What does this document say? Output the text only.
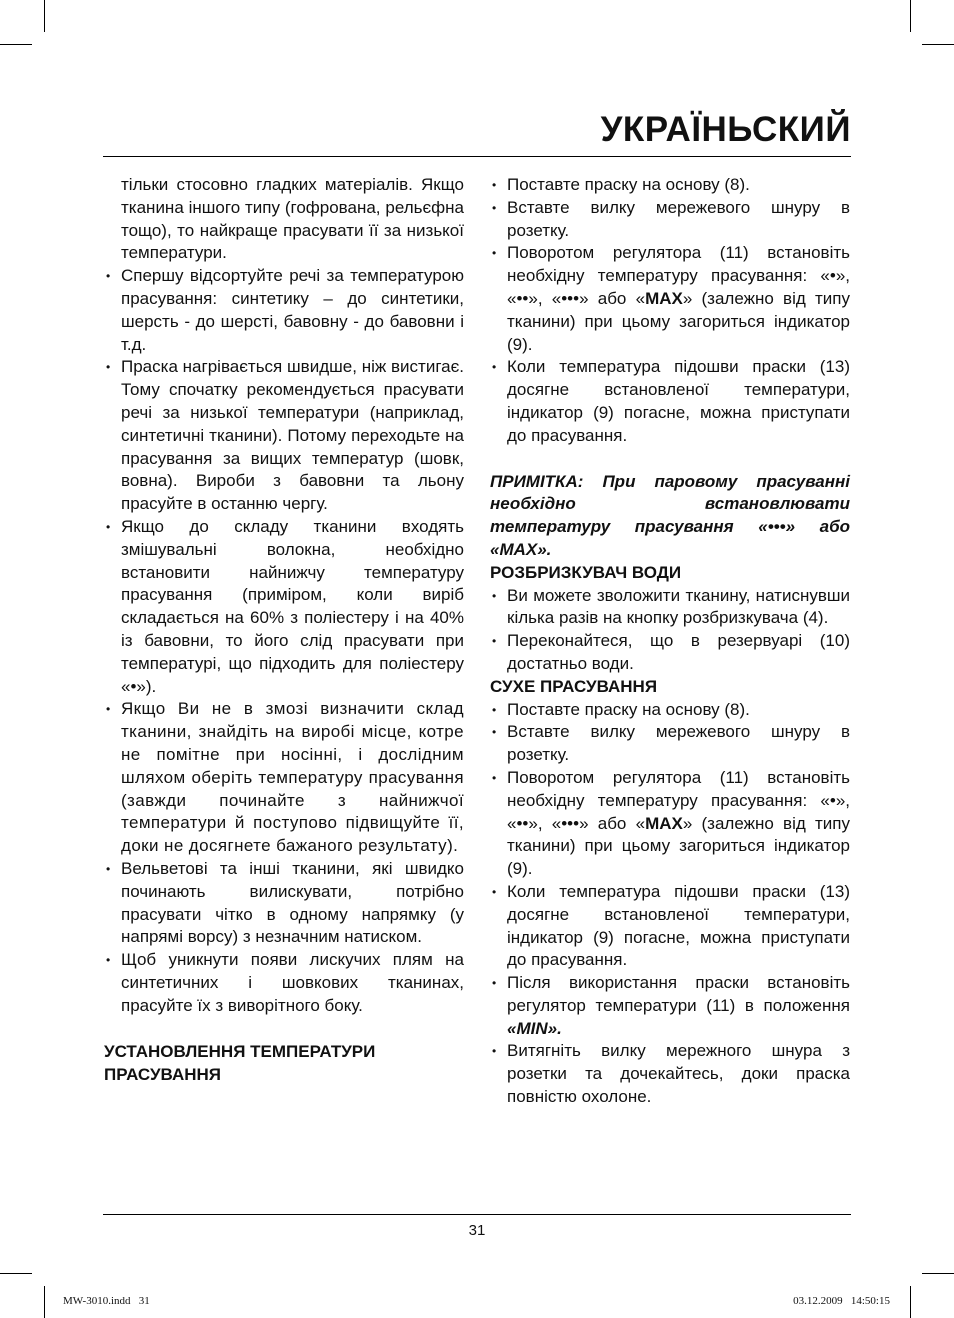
УКРАЇНЬСКИЙ

тільки стосовно гладких матеріалів. Якщо тканина іншого типу (гофрована, рельєфна тощо), то найкраще прасувати її за низької температури.

• Спершу відсортуйте речі за температурою прасування: синтетику – до синтетики, шерсть - до шерсті, бавовну - до бавовни і т.д.
• Праска нагрівається швидше, ніж вистигає. Тому спочатку рекомендується прасувати речі за низької температури (наприклад, синтетичні тканини). Потому переходьте на прасування за вищих температур (шовк, вовна). Вироби з бавовни та льону прасуйте в останню чергу.
• Якщо до складу тканини входять змішувальні волокна, необхідно встановити найнижчу температуру прасування (приміром, коли виріб складається на 60% з поліестеру і на 40% із бавовни, то його слід прасувати при температурі, що підходить для поліестеру «•»).
• Якщо Ви не в змозі визначити склад тканини, знайдіть на виробі місце, котре не помітне при носінні, і дослідним шляхом оберіть температуру прасування (завжди починайте з найнижчої температури й поступово підвищуйте її, доки не досягнете бажаного результату).
• Вельветові та інші тканини, які швидко починають вилискувати, потрібно прасувати чітко в одному напрямку (у напрямі ворсу) з незначним натиском.
• Щоб уникнути появи лискучих плям на синтетичних і шовкових тканинах, прасуйте їх з виворітного боку.

УСТАНОВЛЕННЯ ТЕМПЕРАТУРИ ПРАСУВАННЯ

• Поставте праску на основу (8).
• Вставте вилку мережевого шнуру в розетку.
• Поворотом регулятора (11) встановіть необхідну температуру прасування: «•», «••», «•••» або «MAX» (залежно від типу тканини) при цьому загориться індикатор (9).
• Коли температура підошви праски (13) досягне встановленої температури, індикатор (9) погасне, можна приступати до прасування.

ПРИМІТКА: При паровому прасуванні необхідно встановлювати температуру прасування «•••» або «MAX».

РОЗБРИЗКУВАЧ ВОДИ

• Ви можете зволожити тканину, натиснувши кілька разів на кнопку розбризкувача (4).
• Переконайтеся, що в резервуарі (10) достатньо води.

СУХЕ ПРАСУВАННЯ

• Поставте праску на основу (8).
• Вставте вилку мережевого шнуру в розетку.
• Поворотом регулятора (11) встановіть необхідну температуру прасування: «•», «••», «•••» або «MAX» (залежно від типу тканини) при цьому загориться індикатор (9).
• Коли температура підошви праски (13) досягне встановленої температури, індикатор (9) погасне, можна приступати до прасування.
• Після використання праски встановіть регулятор температури (11) в положення «MIN».
• Витягніть вилку мережного шнура з розетки та дочекайтесь, доки праска повністю охолоне.
31
MW-3010.indd   31	03.12.2009   14:50:15
